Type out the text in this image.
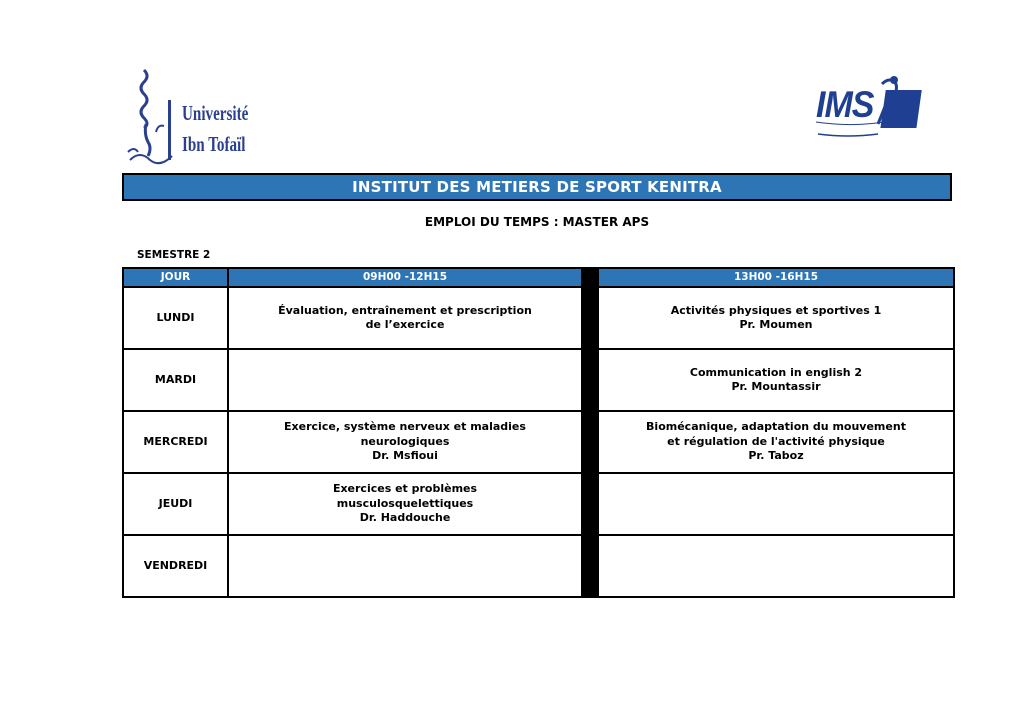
Université
Ibn Tofaïl
IMS
INSTITUT DES METIERS DE SPORT KENITRA
EMPLOI DU TEMPS : MASTER APS
SEMESTRE 2
JOUR	09H00 -12H15		13H00 -16H15
LUNDI	Évaluation, entraînement et prescription
de l’exercice		Activités physiques et sportives 1
Pr. Moumen

MARDI			Communication in english 2
Pr. Mountassir

MERCREDI	Exercice, système nerveux et maladies
neurologiques
Dr. Msfioui		Biomécanique, adaptation du mouvement
et régulation de l'activité physique
Pr. Taboz

JEUDI	Exercices et problèmes
musculosquelettiques
Dr. Haddouche		

VENDREDI			
